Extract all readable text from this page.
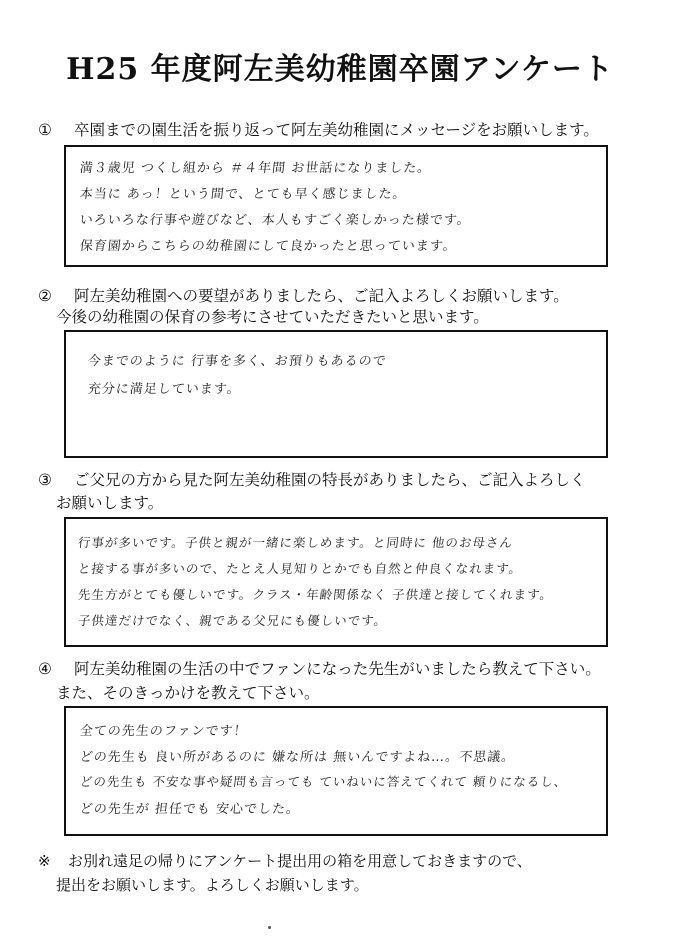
H25 年度阿左美幼稚園卒園アンケート
① 卒園までの園生活を振り返って阿左美幼稚園にメッセージをお願いします。
満３歳児 つくし組から ＃４年間 お世話になりました。
本当に あっ！という間で、とても早く感じました。
いろいろな行事や遊びなど、本人もすごく楽しかった様です。
保育園からこちらの幼稚園にして良かったと思っています。
② 阿左美幼稚園への要望がありましたら、ご記入よろしくお願いします。
今後の幼稚園の保育の参考にさせていただきたいと思います。
今までのように 行事を多く、お預りもあるので
充分に満足しています。
③ ご父兄の方から見た阿左美幼稚園の特長がありましたら、ご記入よろしく
お願いします。
行事が多いです。子供と親が一緒に楽しめます。と同時に 他のお母さん
と接する事が多いので、たとえ人見知りとかでも自然と仲良くなれます。
先生方がとても優しいです。クラス・年齢関係なく 子供達と接してくれます。
子供達だけでなく、親である父兄にも優しいです。
④ 阿左美幼稚園の生活の中でファンになった先生がいましたら教えて下さい。
また、そのきっかけを教えて下さい。
全ての先生のファンです！
どの先生も 良い所があるのに 嫌な所は 無いんですよね…。不思議。
どの先生も 不安な事や疑問も言っても ていねいに答えてくれて 頼りになるし、
どの先生が 担任でも 安心でした。
※ お別れ遠足の帰りにアンケート提出用の箱を用意しておきますので、
提出をお願いします。よろしくお願いします。
